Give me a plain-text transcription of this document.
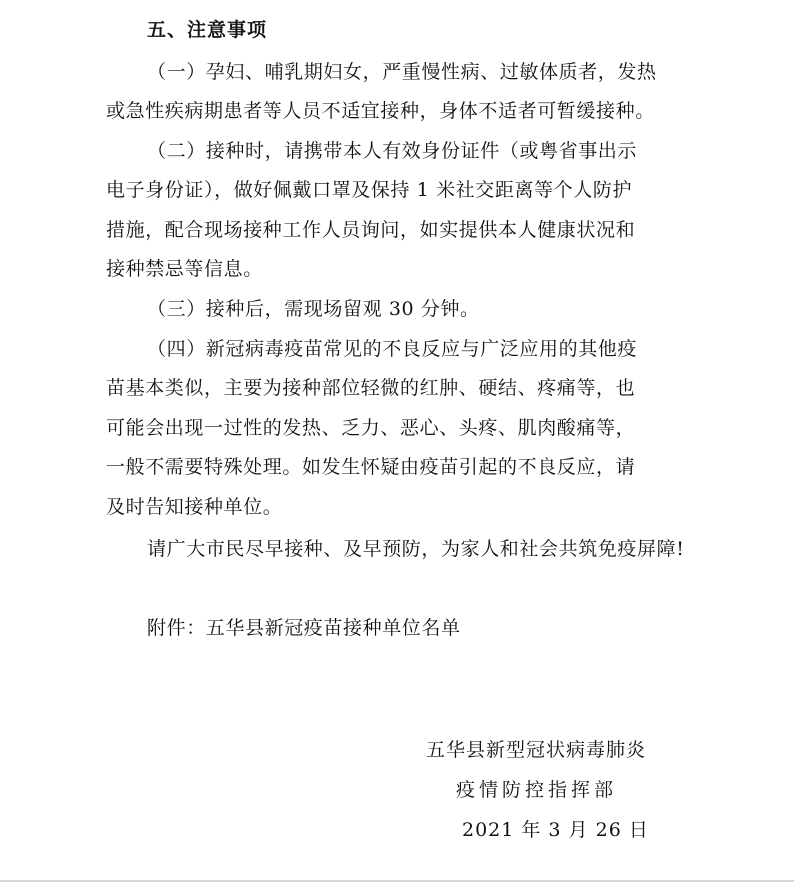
五、注意事项
（一）孕妇、哺乳期妇女，严重慢性病、过敏体质者，发热
或急性疾病期患者等人员不适宜接种，身体不适者可暂缓接种。
（二）接种时，请携带本人有效身份证件（或粤省事出示
电子身份证），做好佩戴口罩及保持 1 米社交距离等个人防护
措施，配合现场接种工作人员询问，如实提供本人健康状况和
接种禁忌等信息。
（三）接种后，需现场留观 30 分钟。
（四）新冠病毒疫苗常见的不良反应与广泛应用的其他疫
苗基本类似，主要为接种部位轻微的红肿、硬结、疼痛等，也
可能会出现一过性的发热、乏力、恶心、头疼、肌肉酸痛等，
一般不需要特殊处理。如发生怀疑由疫苗引起的不良反应，请
及时告知接种单位。
请广大市民尽早接种、及早预防，为家人和社会共筑免疫屏障!
附件：五华县新冠疫苗接种单位名单
五华县新型冠状病毒肺炎
疫情防控指挥部
2021 年 3 月 26 日
